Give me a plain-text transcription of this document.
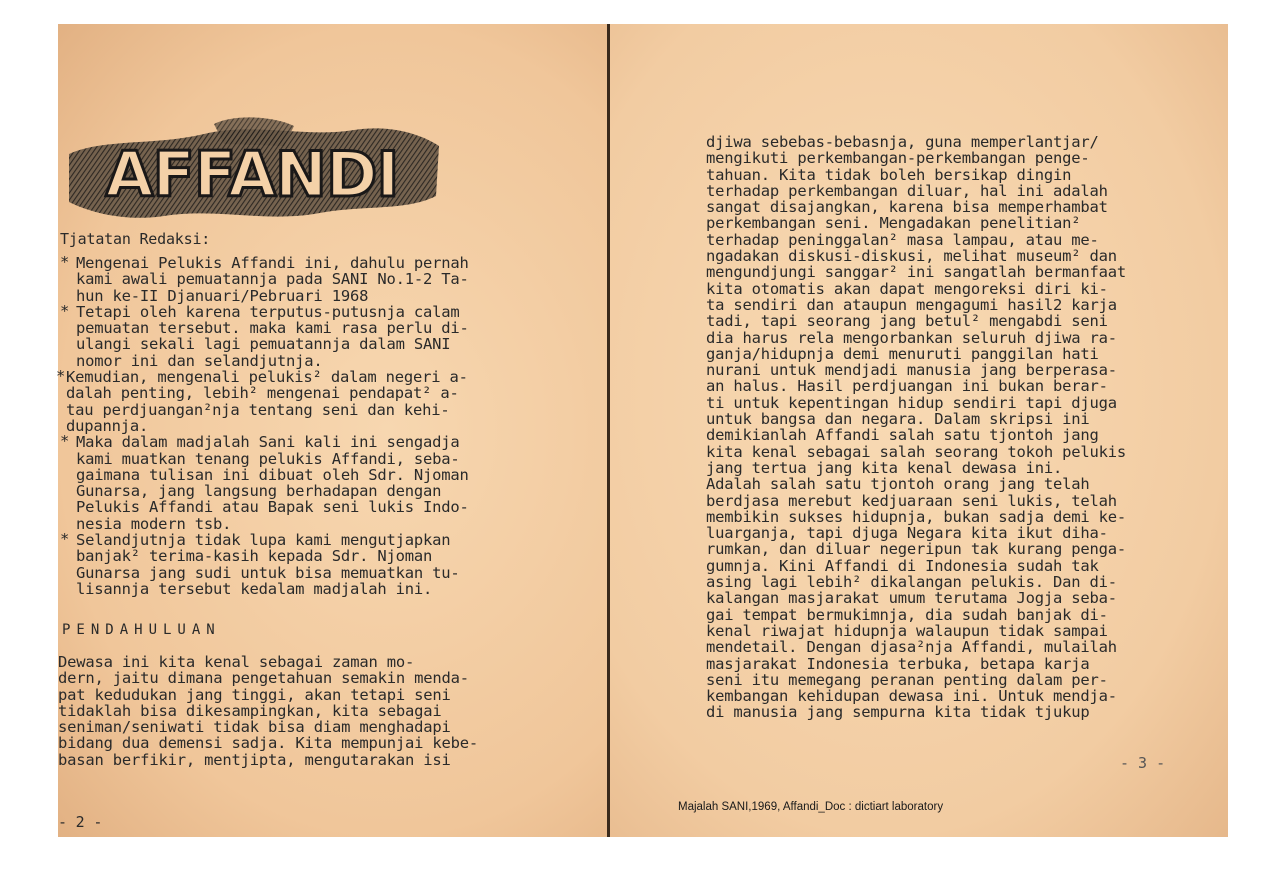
AFFANDI
Tjatatan Redaksi:
* Mengenai Pelukis Affandi ini, dahulu pernah
kami awali pemuatannja pada SANI No.1-2 Ta-
hun ke-II Djanuari/Pebruari 1968
* Tetapi oleh karena terputus-putusnja calam
pemuatan tersebut. maka kami rasa perlu di-
ulangi sekali lagi pemuatannja dalam SANI
nomor ini dan selandjutnja.
* Kemudian, mengenali pelukis² dalam negeri a-
dalah penting, lebih² mengenai pendapat² a-
tau perdjuangan²nja tentang seni dan kehi-
dupannja.
* Maka dalam madjalah Sani kali ini sengadja
kami muatkan tenang pelukis Affandi, seba-
gaimana tulisan ini dibuat oleh Sdr. Njoman
Gunarsa, jang langsung berhadapan dengan
Pelukis Affandi atau Bapak seni lukis Indo-
nesia modern tsb.
* Selandjutnja tidak lupa kami mengutjapkan
banjak² terima-kasih kepada Sdr. Njoman
Gunarsa jang sudi untuk bisa memuatkan tu-
lisannja tersebut kedalam madjalah ini.
PENDAHULUAN

Dewasa ini kita kenal sebagai zaman mo-
dern, jaitu dimana pengetahuan semakin menda-
pat kedudukan jang tinggi, akan tetapi seni
tidaklah bisa dikesampingkan, kita sebagai
seniman/seniwati tidak bisa diam menghadapi
bidang dua demensi sadja. Kita mempunjai kebe-
basan berfikir, mentjipta, mengutarakan isi

- 2 -

djiwa sebebas-bebasnja, guna memperlantjar/
mengikuti perkembangan-perkembangan penge-
tahuan. Kita tidak boleh bersikap dingin
terhadap perkembangan diluar, hal ini adalah
sangat disajangkan, karena bisa memperhambat
perkembangan seni. Mengadakan penelitian²
terhadap peninggalan² masa lampau, atau me-
ngadakan diskusi-diskusi, melihat museum² dan
mengundjungi sanggar² ini sangatlah bermanfaat
kita otomatis akan dapat mengoreksi diri ki-
ta sendiri dan ataupun mengagumi hasil2 karja
tadi, tapi seorang jang betul² mengabdi seni
dia harus rela mengorbankan seluruh djiwa ra-
ganja/hidupnja demi menuruti panggilan hati
nurani untuk mendjadi manusia jang berperasa-
an halus. Hasil perdjuangan ini bukan berar-
ti untuk kepentingan hidup sendiri tapi djuga
untuk bangsa dan negara. Dalam skripsi ini
demikianlah Affandi salah satu tjontoh jang
kita kenal sebagai salah seorang tokoh pelukis
jang tertua jang kita kenal dewasa ini.
Adalah salah satu tjontoh orang jang telah
berdjasa merebut kedjuaraan seni lukis, telah
membikin sukses hidupnja, bukan sadja demi ke-
luarganja, tapi djuga Negara kita ikut diha-
rumkan, dan diluar negeripun tak kurang penga-
gumnja. Kini Affandi di Indonesia sudah tak
asing lagi lebih² dikalangan pelukis. Dan di-
kalangan masjarakat umum terutama Jogja seba-
gai tempat bermukimnja, dia sudah banjak di-
kenal riwajat hidupnja walaupun tidak sampai
mendetail. Dengan djasa²nja Affandi, mulailah
masjarakat Indonesia terbuka, betapa karja
seni itu memegang peranan penting dalam per-
kembangan kehidupan dewasa ini. Untuk mendja-
di manusia jang sempurna kita tidak tjukup

- 3 -
Majalah SANI,1969, Affandi_Doc : dictiart laboratory
